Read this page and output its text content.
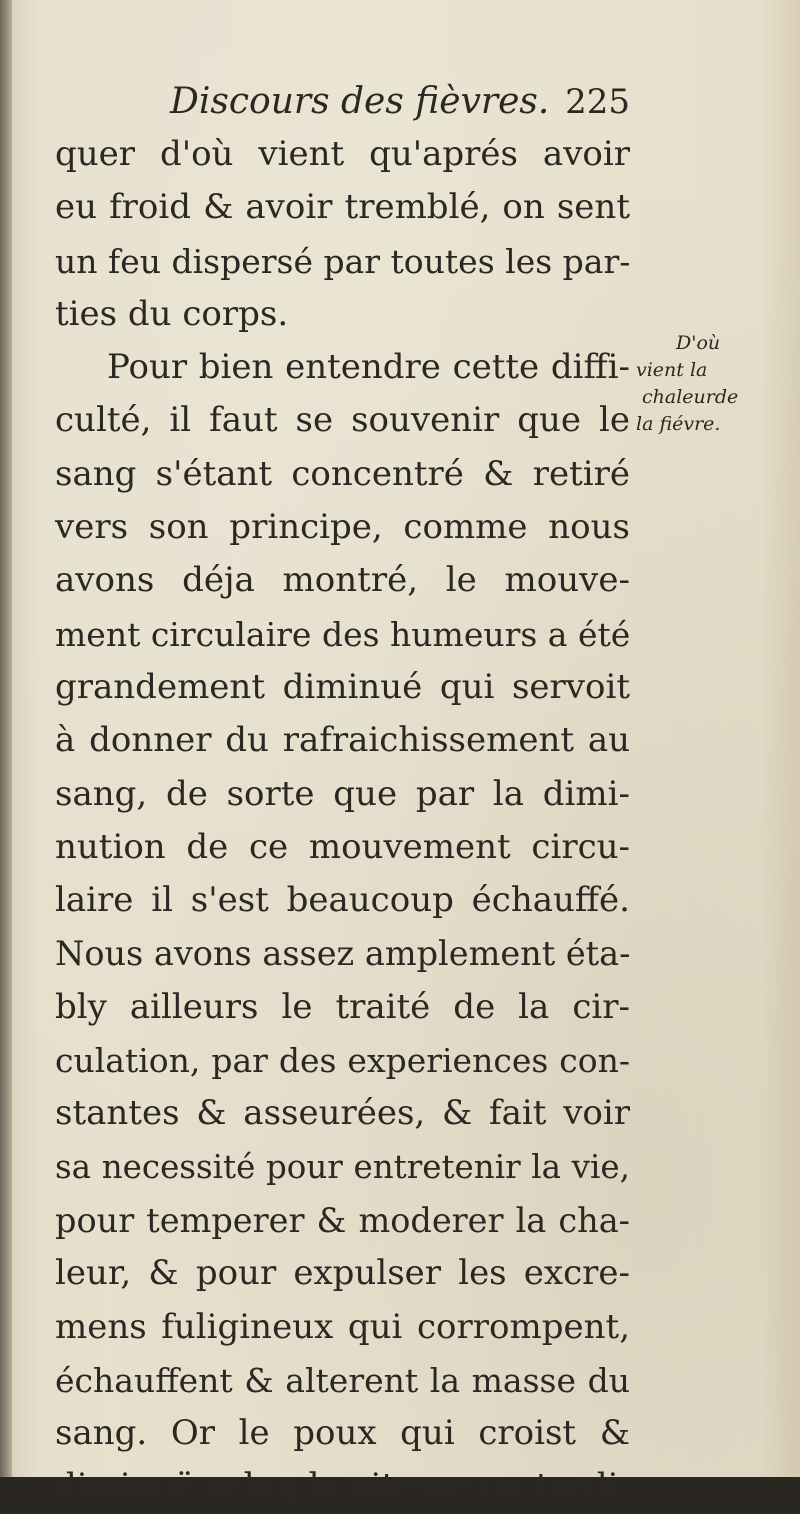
Discours des fièvres. 225
quer d'où vient qu'aprés avoir
eu froid & avoir tremblé, on sent
un feu dispersé par toutes les par-
ties du corps.
Pour bien entendre cette diffi-
culté, il faut se souvenir que le
sang s'étant concentré & retiré
vers son principe, comme nous
avons déja montré, le mouve-
ment circulaire des humeurs a été
grandement diminué qui servoit
à donner du rafraichissement au
sang, de sorte que par la dimi-
nution de ce mouvement circu-
laire il s'est beaucoup échauffé.
Nous avons assez amplement éta-
bly ailleurs le traité de la cir-
culation, par des experiences con-
stantes & asseurées, & fait voir
sa necessité pour entretenir la vie,
pour temperer & moderer la cha-
leur, & pour expulser les excre-
mens fuligineux qui corrompent,
échauffent & alterent la masse du
sang. Or le poux qui croist &
diminuë selon la vitesse ou tardi-
D'où
vient la
chaleurde
la fiévre.
